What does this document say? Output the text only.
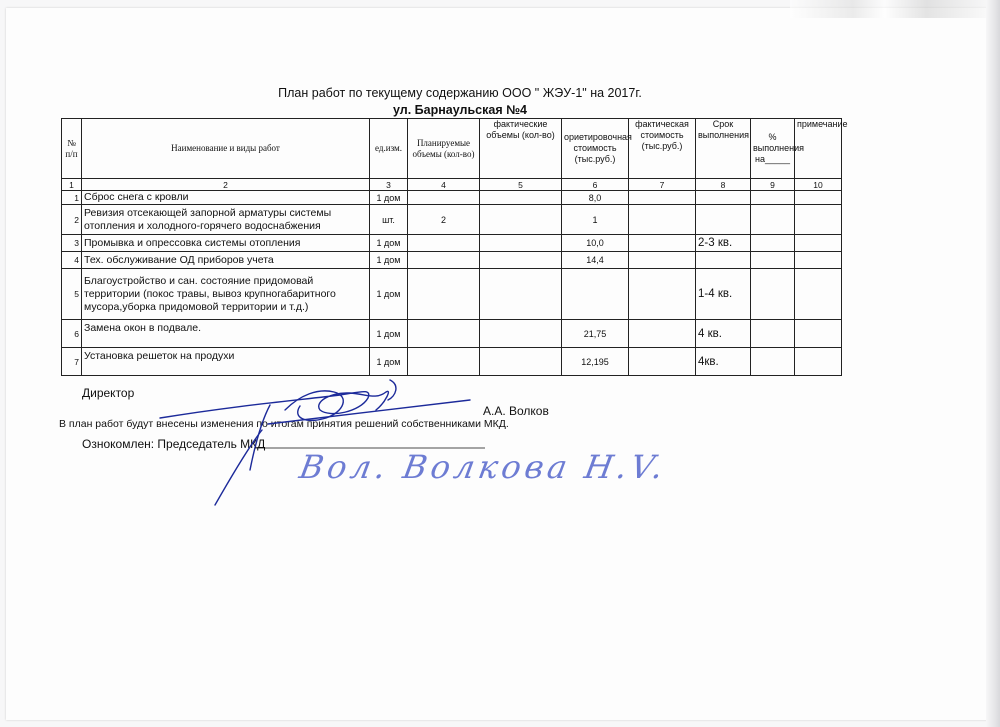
План работ по текущему содержанию ООО " ЖЭУ-1" на 2017г.
ул. Барнаульская №4
№ п/п	Наименование и виды работ	ед.изм.	Планируемые объемы (кол-во)	фактические объемы (кол-во)	ориетировочная стоимость (тыс.руб.)	фактическая стоимость (тыс.руб.)	Срок выполнения	% выполнения на_____	примечание
1	2	3	4	5	6	7	8	9	10
1	Сброс снега с кровли	1 дом			8,0				
2	Ревизия отсекающей запорной арматуры системы отопления и холодного-горячего водоснабжения	шт.	2		1				
3	Промывка и опрессовка системы отопления	1 дом			10,0		2-3 кв.		
4	Тех. обслуживание ОД приборов учета	1 дом			14,4				
5	Благоустройство и сан. состояние придомовай территории (покос травы, вывоз крупногабаритного мусора,уборка придомовой территории и т.д.)	1 дом					1-4 кв.		
6	Замена окон в подвале.	1 дом			21,75		4 кв.		
7	Установка решеток на продухи	1 дом			12,195		4кв.		
Директор
А.А. Волков
В план работ будут внесены изменения по итогам принятия решений собственниками МКД.
Ознокомлен: Председатель МКД
Вол. Волкова Н.V.
